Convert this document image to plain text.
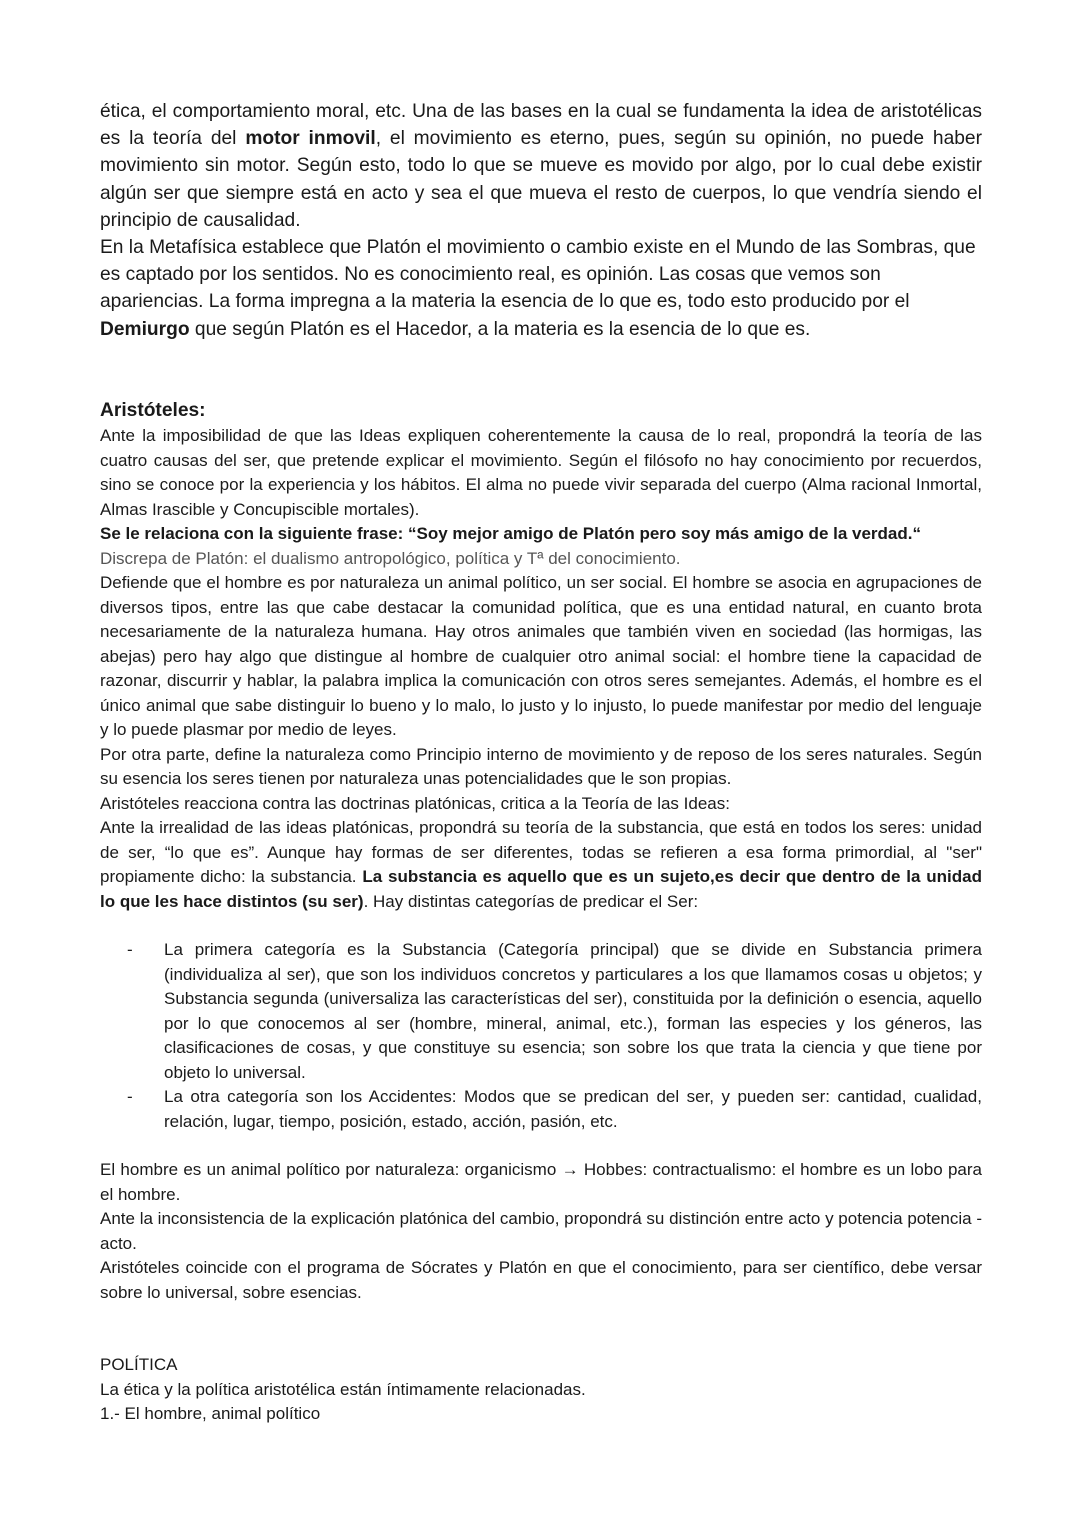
ética, el comportamiento moral, etc. Una de las bases en la cual se fundamenta la idea de aristotélicas es la teoría del motor inmovil, el movimiento es eterno, pues, según su opinión, no puede haber movimiento sin motor. Según esto, todo lo que se mueve es movido por algo, por lo cual debe existir algún ser que siempre está en acto y sea el que mueva el resto de cuerpos, lo que vendría siendo el principio de causalidad.

En la Metafísica establece que Platón el movimiento o cambio existe en el Mundo de las Sombras, que es captado por los sentidos. No es conocimiento real, es opinión. Las cosas que vemos son apariencias. La forma impregna a la materia la esencia de lo que es, todo esto producido por el Demiurgo que según Platón es el Hacedor, a la materia es la esencia de lo que es.

Aristóteles:

Ante la imposibilidad de que las Ideas expliquen coherentemente la causa de lo real, propondrá la teoría de las cuatro causas del ser, que pretende explicar el movimiento. Según el filósofo no hay conocimiento por recuerdos, sino se conoce por la experiencia y los hábitos. El alma no puede vivir separada del cuerpo (Alma racional Inmortal, Almas Irascible y Concupiscible mortales).

Se le relaciona con la siguiente frase: “Soy mejor amigo de Platón pero soy más amigo de la verdad.“

Discrepa de Platón: el dualismo antropológico, política y Tª del conocimiento.

Defiende que el hombre es por naturaleza un animal político, un ser social. El hombre se asocia en agrupaciones de diversos tipos, entre las que cabe destacar la comunidad política, que es una entidad natural, en cuanto brota necesariamente de la naturaleza humana. Hay otros animales que también viven en sociedad (las hormigas, las abejas) pero hay algo que distingue al hombre de cualquier otro animal social: el hombre tiene la capacidad de razonar, discurrir y hablar, la palabra implica la comunicación con otros seres semejantes. Además, el hombre es el único animal que sabe distinguir lo bueno y lo malo, lo justo y lo injusto, lo puede manifestar por medio del lenguaje y lo puede plasmar por medio de leyes.

Por otra parte, define la naturaleza como Principio interno de movimiento y de reposo de los seres naturales. Según su esencia los seres tienen por naturaleza unas potencialidades que le son propias.

Aristóteles reacciona contra las doctrinas platónicas, critica a la Teoría de las Ideas:

Ante la irrealidad de las ideas platónicas, propondrá su teoría de la substancia, que está en todos los seres: unidad de ser, “lo que es”. Aunque hay formas de ser diferentes, todas se refieren a esa forma primordial, al "ser" propiamente dicho: la substancia. La substancia es aquello que es un sujeto,es decir que dentro de la unidad lo que les hace distintos (su ser). Hay distintas categorías de predicar el Ser:

- La primera categoría es la Substancia (Categoría principal) que se divide en Substancia primera (individualiza al ser), que son los individuos concretos y particulares a los que llamamos cosas u objetos; y Substancia segunda (universaliza las características del ser), constituida por la definición o esencia, aquello por lo que conocemos al ser (hombre, mineral, animal, etc.), forman las especies y los géneros, las clasificaciones de cosas, y que constituye su esencia; son sobre los que trata la ciencia y que tiene por objeto lo universal.
- La otra categoría son los Accidentes: Modos que se predican del ser, y pueden ser: cantidad, cualidad, relación, lugar, tiempo, posición, estado, acción, pasión, etc.

El hombre es un animal político por naturaleza: organicismo → Hobbes: contractualismo: el hombre es un lobo para el hombre.

Ante la inconsistencia de la explicación platónica del cambio, propondrá su distinción entre acto y potencia potencia - acto.

Aristóteles coincide con el programa de Sócrates y Platón en que el conocimiento, para ser científico, debe versar sobre lo universal, sobre esencias.

POLÍTICA

La ética y la política aristotélica están íntimamente relacionadas.

1.- El hombre, animal político
